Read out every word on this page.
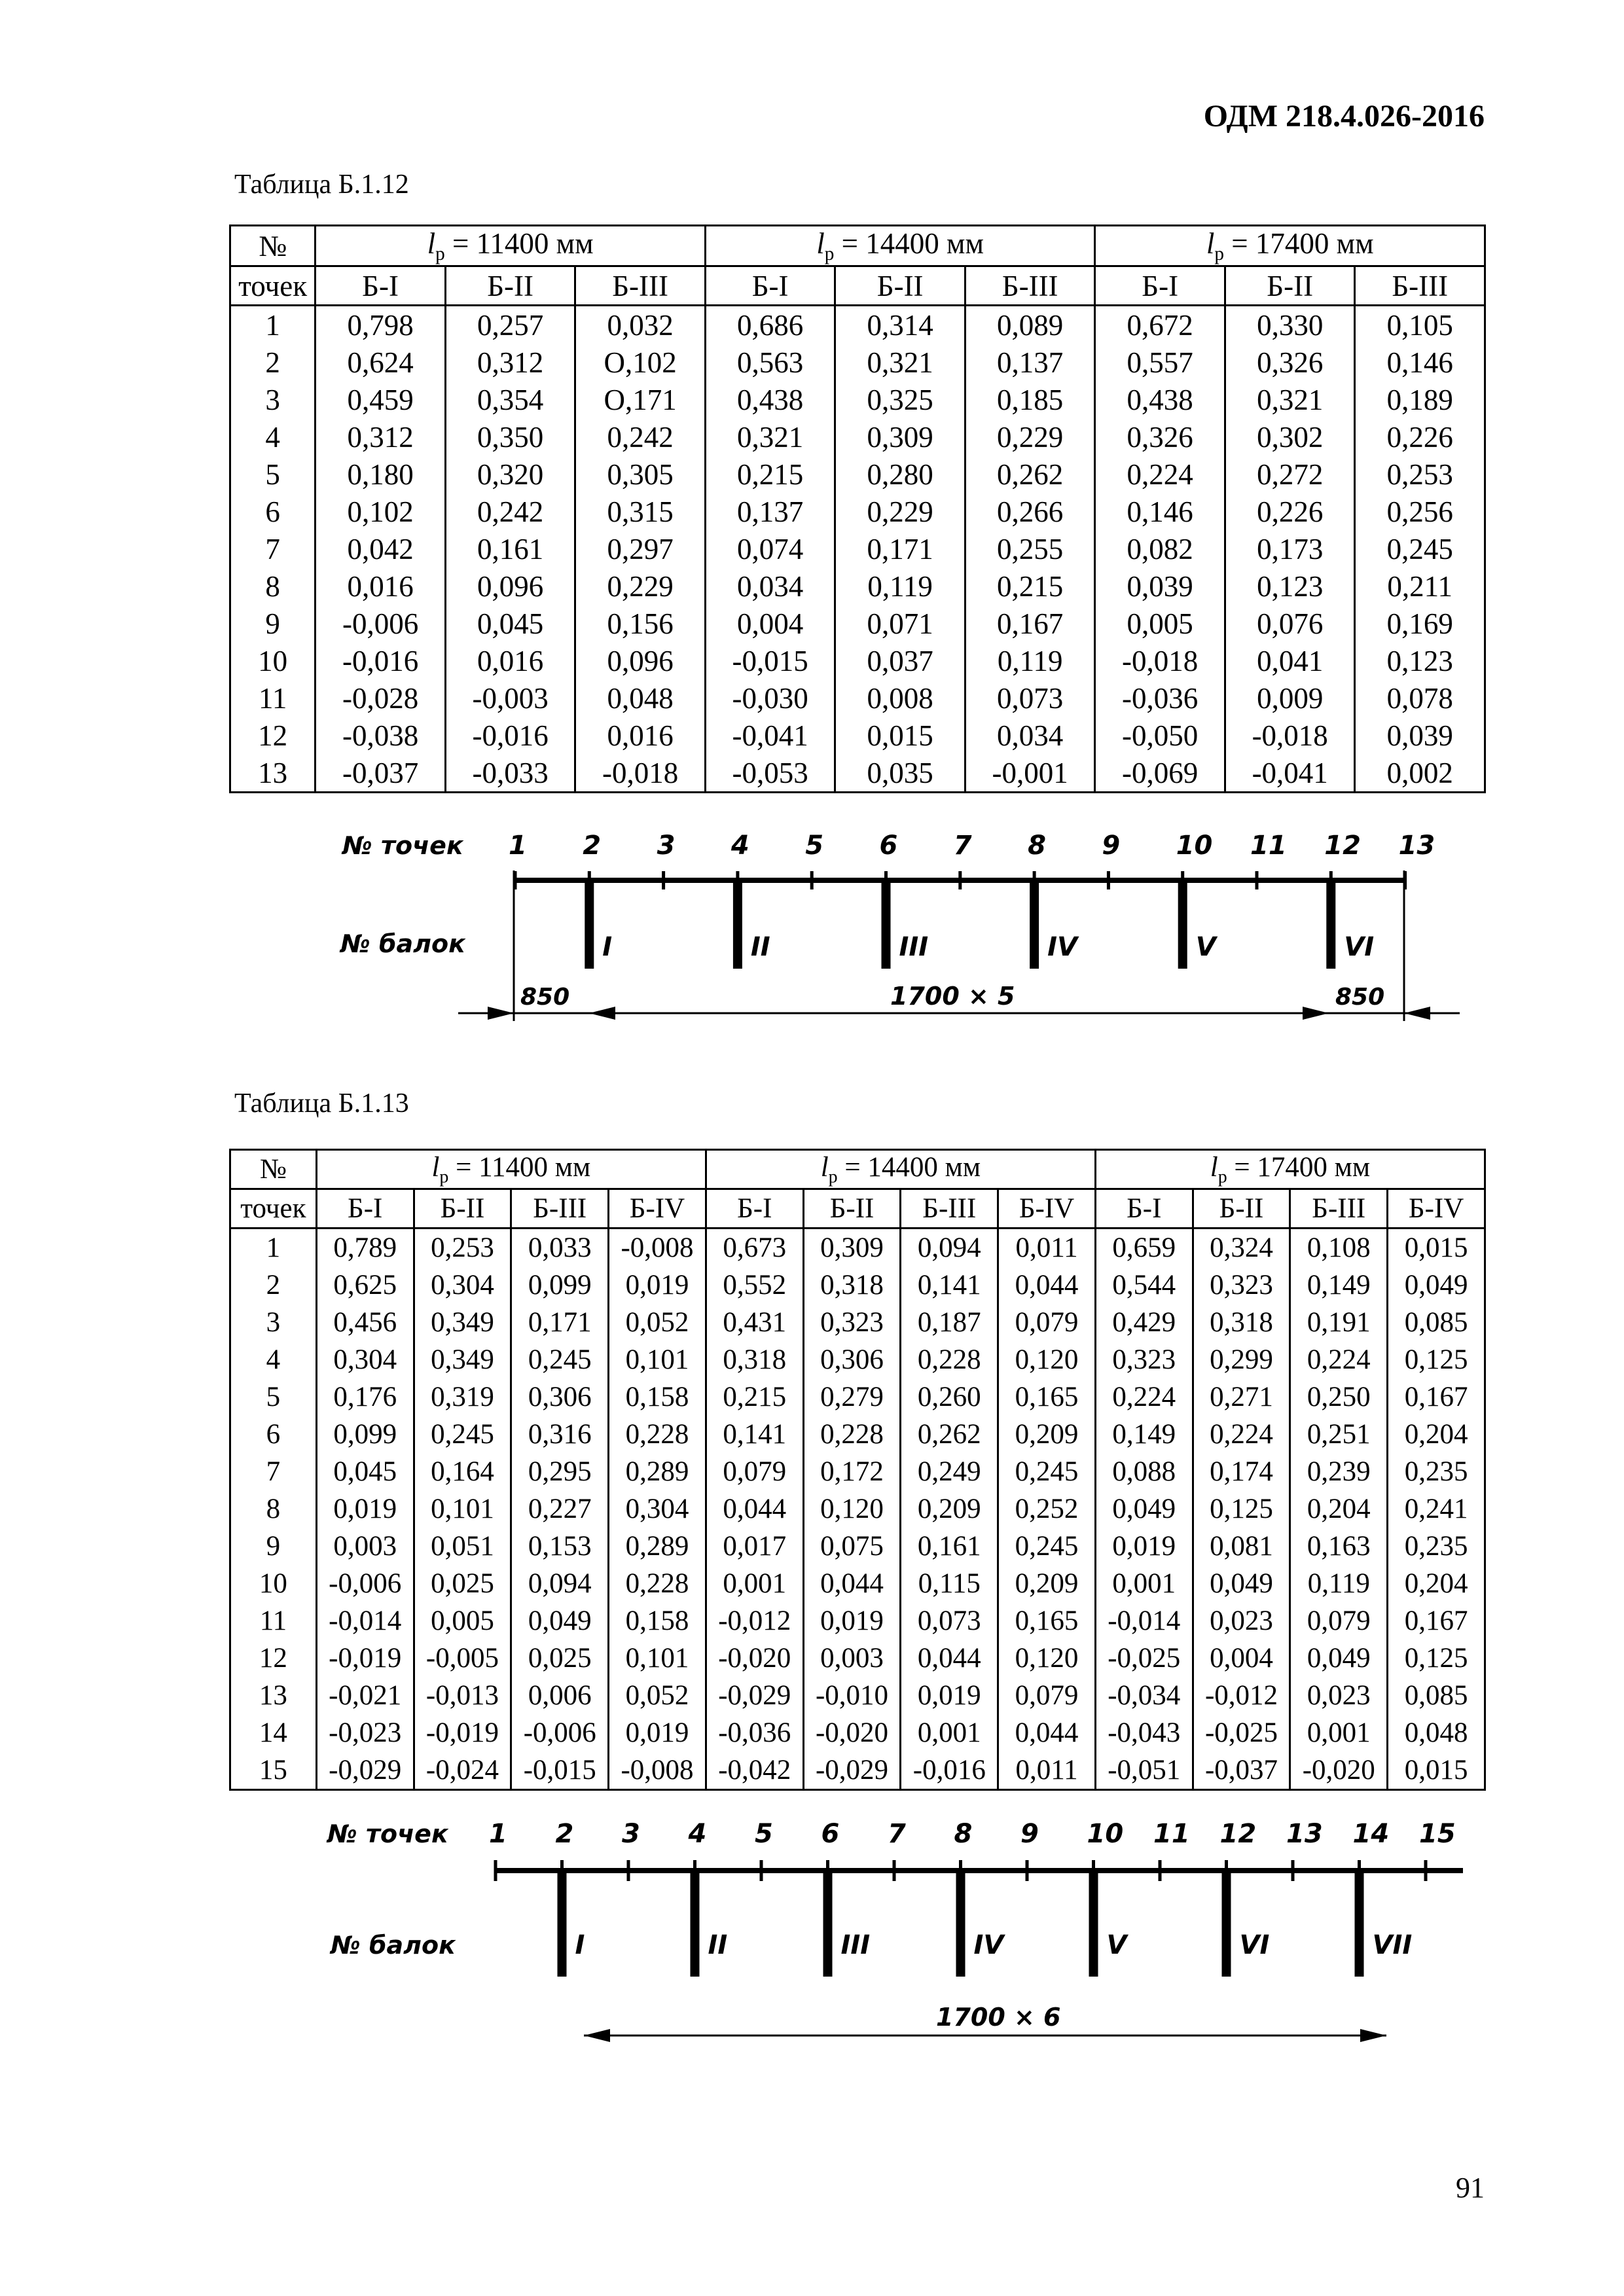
ОДМ 218.4.026-2016
Таблица Б.1.12
№	$l_р = 11400$ мм			$l_р = 14400$ мм			$l_р = 17400$ мм		
точек	Б-I	Б-II	Б-III	Б-I	Б-II	Б-III	Б-I	Б-II	Б-III
1	0,798	0,257	0,032	0,686	0,314	0,089	0,672	0,330	0,105
2	0,624	0,312	О,102	0,563	0,321	0,137	0,557	0,326	0,146
3	0,459	0,354	О,171	0,438	0,325	0,185	0,438	0,321	0,189
4	0,312	0,350	0,242	0,321	0,309	0,229	0,326	0,302	0,226
5	0,180	0,320	0,305	0,215	0,280	0,262	0,224	0,272	0,253
6	0,102	0,242	0,315	0,137	0,229	0,266	0,146	0,226	0,256
7	0,042	0,161	0,297	0,074	0,171	0,255	0,082	0,173	0,245
8	0,016	0,096	0,229	0,034	0,119	0,215	0,039	0,123	0,211
9	-0,006	0,045	0,156	0,004	0,071	0,167	0,005	0,076	0,169
10	-0,016	0,016	0,096	-0,015	0,037	0,119	-0,018	0,041	0,123
11	-0,028	-0,003	0,048	-0,030	0,008	0,073	-0,036	0,009	0,078
12	-0,038	-0,016	0,016	-0,041	0,015	0,034	-0,050	-0,018	0,039
13	-0,037	-0,033	-0,018	-0,053	0,035	-0,001	-0,069	-0,041	0,002
№ точек
№ балок
1 2 3 4 5 6 7 8 9 10 11 12 13
I	II	III	IV	V	VI
850	1700 × 5	850
Таблица Б.1.13
№	$l_р = 11400$ мм				$l_р = 14400$ мм				$l_р = 17400$ мм			
точек	Б-I	Б-II	Б-III	Б-IV	Б-I	Б-II	Б-III	Б-IV	Б-I	Б-II	Б-III	Б-IV
1	0,789	0,253	0,033	-0,008	0,673	0,309	0,094	0,011	0,659	0,324	0,108	0,015
2	0,625	0,304	0,099	0,019	0,552	0,318	0,141	0,044	0,544	0,323	0,149	0,049
3	0,456	0,349	0,171	0,052	0,431	0,323	0,187	0,079	0,429	0,318	0,191	0,085
4	0,304	0,349	0,245	0,101	0,318	0,306	0,228	0,120	0,323	0,299	0,224	0,125
5	0,176	0,319	0,306	0,158	0,215	0,279	0,260	0,165	0,224	0,271	0,250	0,167
6	0,099	0,245	0,316	0,228	0,141	0,228	0,262	0,209	0,149	0,224	0,251	0,204
7	0,045	0,164	0,295	0,289	0,079	0,172	0,249	0,245	0,088	0,174	0,239	0,235
8	0,019	0,101	0,227	0,304	0,044	0,120	0,209	0,252	0,049	0,125	0,204	0,241
9	0,003	0,051	0,153	0,289	0,017	0,075	0,161	0,245	0,019	0,081	0,163	0,235
10	-0,006	0,025	0,094	0,228	0,001	0,044	0,115	0,209	0,001	0,049	0,119	0,204
11	-0,014	0,005	0,049	0,158	-0,012	0,019	0,073	0,165	-0,014	0,023	0,079	0,167
12	-0,019	-0,005	0,025	0,101	-0,020	0,003	0,044	0,120	-0,025	0,004	0,049	0,125
13	-0,021	-0,013	0,006	0,052	-0,029	-0,010	0,019	0,079	-0,034	-0,012	0,023	0,085
14	-0,023	-0,019	-0,006	0,019	-0,036	-0,020	0,001	0,044	-0,043	-0,025	0,001	0,048
15	-0,029	-0,024	-0,015	-0,008	-0,042	-0,029	-0,016	0,011	-0,051	-0,037	-0,020	0,015
№ точек
№ балок
1 2 3 4 5 6 7 8 9 10 11 12 13 14 15
I	II	III	IV	V	VI	VII
1700 × 6
91
